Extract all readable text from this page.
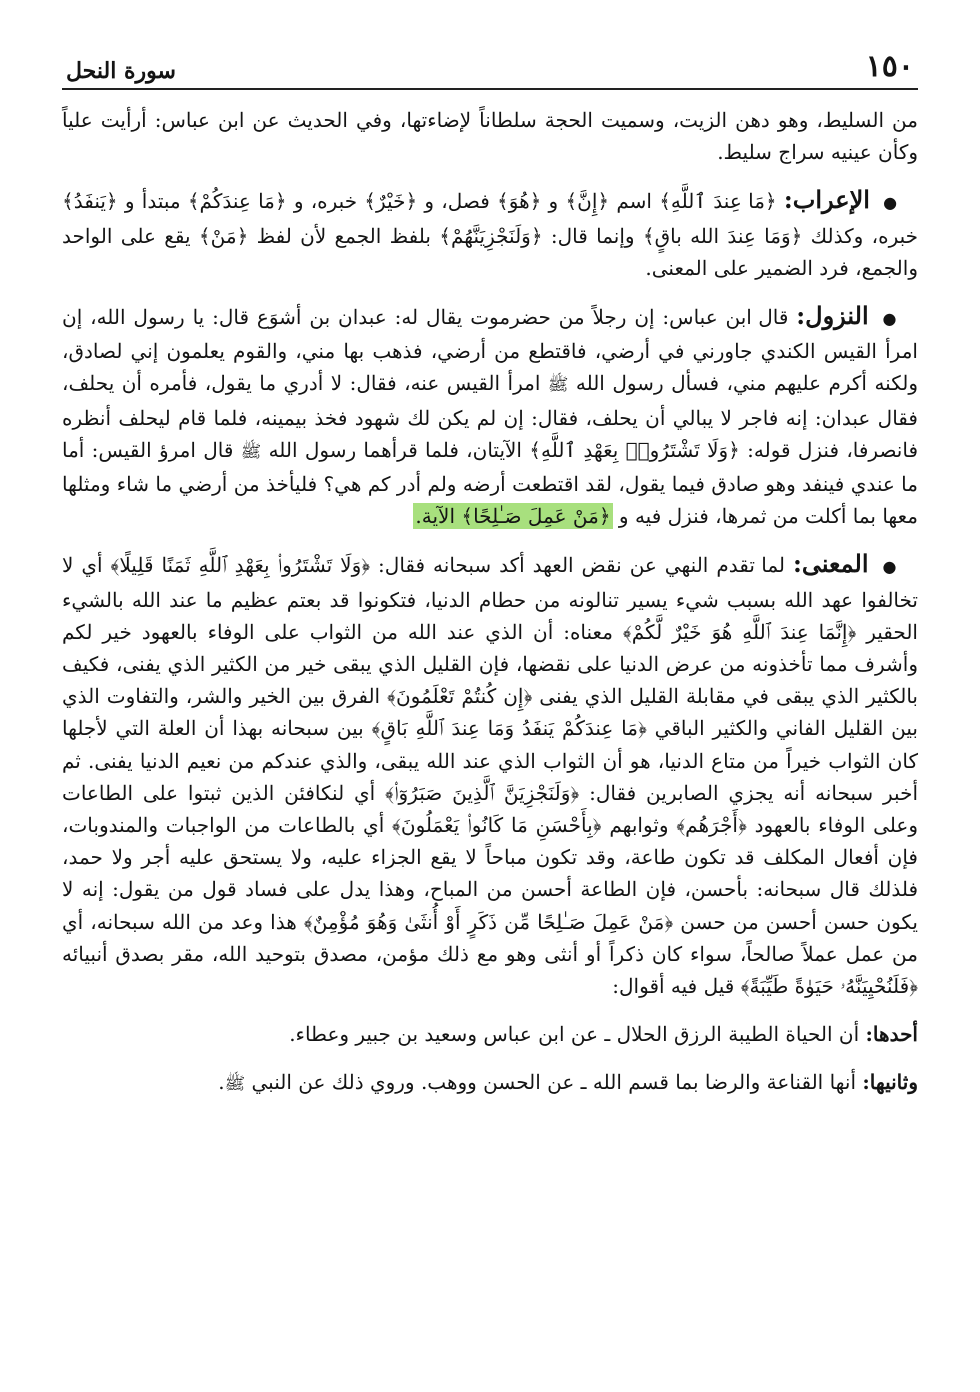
١٥٠
سورة النحل

من السليط، وهو دهن الزيت، وسميت الحجة سلطاناً لإضاءتها، وفي الحديث عن ابن عباس: أرأيت علياً وكأن عينيه سراج سليط.

● الإعراب: ﴿مَا عِندَ ٱللَّهِ﴾ اسم ﴿إِنَّ﴾ و ﴿هُوَ﴾ فصل، و ﴿خَيْرٌ﴾ خبره، و ﴿مَا عِندَكُمْ﴾ مبتدأ و ﴿يَنفَدُ﴾ خبره، وكذلك ﴿وَمَا عِندَ الله باقٍ﴾ وإنما قال: ﴿وَلَنَجْزِيَنَّهُمْ﴾ بلفظ الجمع لأن لفظ ﴿مَنْ﴾ يقع على الواحد والجمع، فرد الضمير على المعنى.

● النزول: قال ابن عباس: إن رجلاً من حضرموت يقال له: عبدان بن أشوَع قال: يا رسول الله، إن امرأ القيس الكندي جاورني في أرضي، فاقتطع من أرضي، فذهب بها مني، والقوم يعلمون إني لصادق، ولكنه أكرم عليهم مني، فسأل رسول الله ﷺ امرأ القيس عنه، فقال: لا أدري ما يقول، فأمره أن يحلف، فقال عبدان: إنه فاجر لا يبالي أن يحلف، فقال: إن لم يكن لك شهود فخذ بيمينه، فلما قام ليحلف أنظره فانصرفا، فنزل قوله: ﴿وَلَا تَشْتَرُوا۟ بِعَهْدِ ٱللَّهِ﴾ الآيتان، فلما قرأهما رسول الله ﷺ قال امرؤ القيس: أما ما عندي فينفد وهو صادق فيما يقول، لقد اقتطعت أرضه ولم أدر كم هي؟ فليأخذ من أرضي ما شاء ومثلها معها بما أكلت من ثمرها، فنزل فيه و ﴿مَنْ عَمِلَ صَـٰلِحًا﴾ الآية.

● المعنى: لما تقدم النهي عن نقض العهد أكد سبحانه فقال: ﴿وَلَا تَشْتَرُوا۟ بِعَهْدِ ٱللَّهِ ثَمَنًا قَلِيلًا﴾ أي لا تخالفوا عهد الله بسبب شيء يسير تنالونه من حطام الدنيا، فتكونوا قد بعتم عظيم ما عند الله بالشيء الحقير ﴿إِنَّمَا عِندَ ٱللَّهِ هُوَ خَيْرٌ لَّكُمْ﴾ معناه: أن الذي عند الله من الثواب على الوفاء بالعهود خير لكم وأشرف مما تأخذونه من عرض الدنيا على نقضها، فإن القليل الذي يبقى خير من الكثير الذي يفنى، فكيف بالكثير الذي يبقى في مقابلة القليل الذي يفنى ﴿إِن كُنتُمْ تَعْلَمُونَ﴾ الفرق بين الخير والشر، والتفاوت الذي بين القليل الفاني والكثير الباقي ﴿مَا عِندَكُمْ يَنفَدُ وَمَا عِندَ ٱللَّهِ بَاقٍ﴾ بين سبحانه بهذا أن العلة التي لأجلها كان الثواب خيراً من متاع الدنيا، هو أن الثواب الذي عند الله يبقى، والذي عندكم من نعيم الدنيا يفنى. ثم أخبر سبحانه أنه يجزي الصابرين فقال: ﴿وَلَنَجْزِيَنَّ ٱلَّذِينَ صَبَرُوٓا۟﴾ أي لنكافئن الذين ثبتوا على الطاعات وعلى الوفاء بالعهود ﴿أَجْرَهُم﴾ وثوابهم ﴿بِأَحْسَنِ مَا كَانُوا۟ يَعْمَلُونَ﴾ أي بالطاعات من الواجبات والمندوبات، فإن أفعال المكلف قد تكون طاعة، وقد تكون مباحاً لا يقع الجزاء عليه، ولا يستحق عليه أجر ولا حمد، فلذلك قال سبحانه: بأحسن، فإن الطاعة أحسن من المباح، وهذا يدل على فساد قول من يقول: إنه لا يكون حسن أحسن من حسن ﴿مَنْ عَمِلَ صَـٰلِحًا مِّن ذَكَرٍ أَوْ أُنثَىٰ وَهُوَ مُؤْمِنٌ﴾ هذا وعد من الله سبحانه، أي من عمل عملاً صالحاً، سواء كان ذكراً أو أنثى وهو مع ذلك مؤمن، مصدق بتوحيد الله، مقر بصدق أنبيائه ﴿فَلَنُحْيِيَنَّهُۥ حَيَوٰةً طَيِّبَةً﴾ قيل فيه أقوال:

أحدها: أن الحياة الطيبة الرزق الحلال ـ عن ابن عباس وسعيد بن جبير وعطاء.

وثانيها: أنها القناعة والرضا بما قسم الله ـ عن الحسن ووهب. وروي ذلك عن النبي ﷺ.
